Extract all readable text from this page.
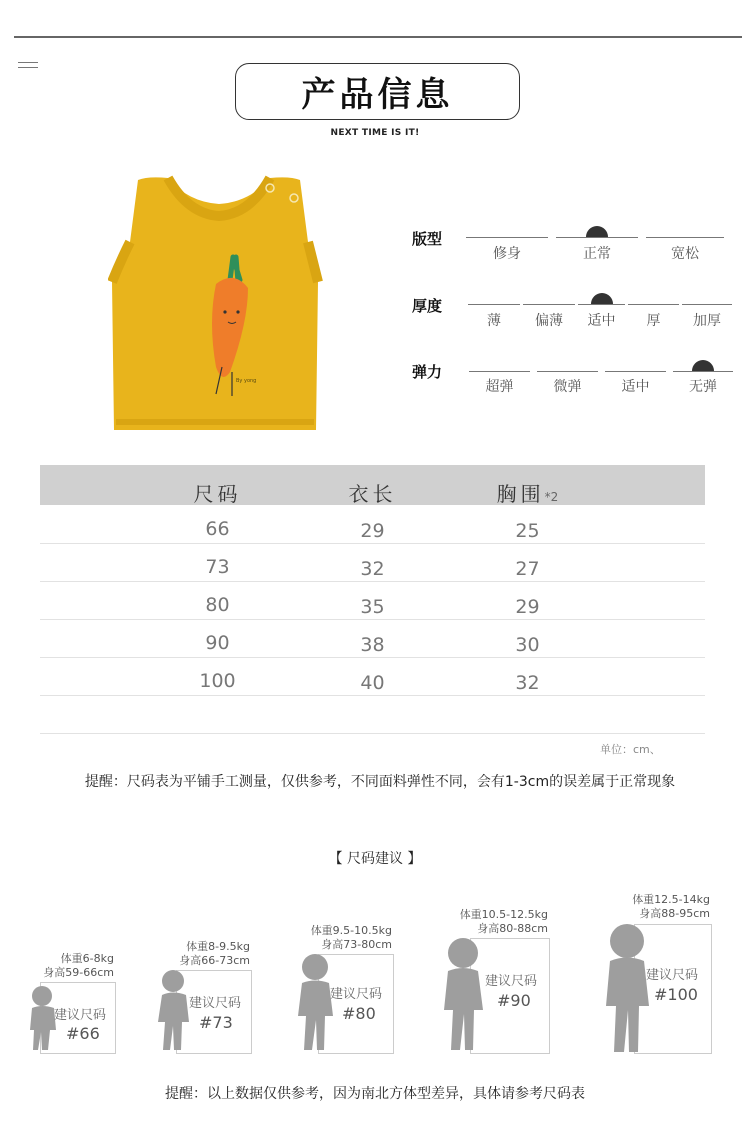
产品信息
NEXT TIME IS IT!
By yong
版型
修身	正常	宽松
厚度
薄	偏薄	适中	厚	加厚
弹力
超弹	微弹	适中	无弹
尺码	衣长	胸围*2
66	29	25
73	32	27
80	35	29
90	38	30
100	40	32
单位：cm、
提醒：尺码表为平铺手工测量，仅供参考，不同面料弹性不同，会有1-3cm的误差属于正常现象
【 尺码建议 】
体重6-8kg
身高59-66cm
建议尺码
#66
体重8-9.5kg
身高66-73cm
建议尺码
#73
体重9.5-10.5kg
身高73-80cm
建议尺码
#80
体重10.5-12.5kg
身高80-88cm
建议尺码
#90
体重12.5-14kg
身高88-95cm
建议尺码
#100
提醒：以上数据仅供参考，因为南北方体型差异，具体请参考尺码表
